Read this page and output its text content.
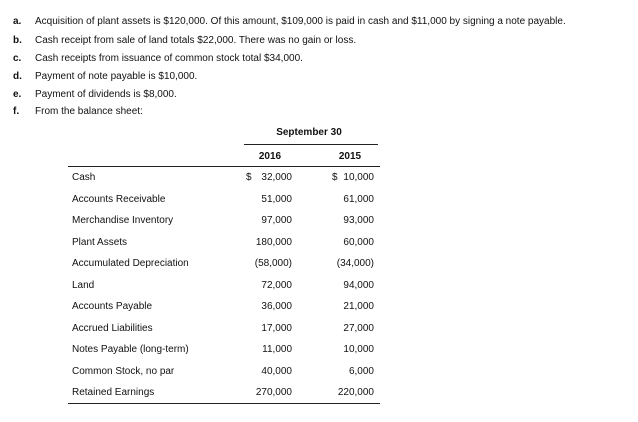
a. Acquisition of plant assets is $120,000. Of this amount, $109,000 is paid in cash and $11,000 by signing a note payable.
b. Cash receipt from sale of land totals $22,000. There was no gain or loss.
c. Cash receipts from issuance of common stock total $34,000.
d. Payment of note payable is $10,000.
e. Payment of dividends is $8,000.
f. From the balance sheet:
September 30
2016	2015
Cash	$ 32,000	$ 10,000
Accounts Receivable	51,000	61,000
Merchandise Inventory	97,000	93,000
Plant Assets	180,000	60,000
Accumulated Depreciation	(58,000)	(34,000)
Land	72,000	94,000
Accounts Payable	36,000	21,000
Accrued Liabilities	17,000	27,000
Notes Payable (long-term)	11,000	10,000
Common Stock, no par	40,000	6,000
Retained Earnings	270,000	220,000
